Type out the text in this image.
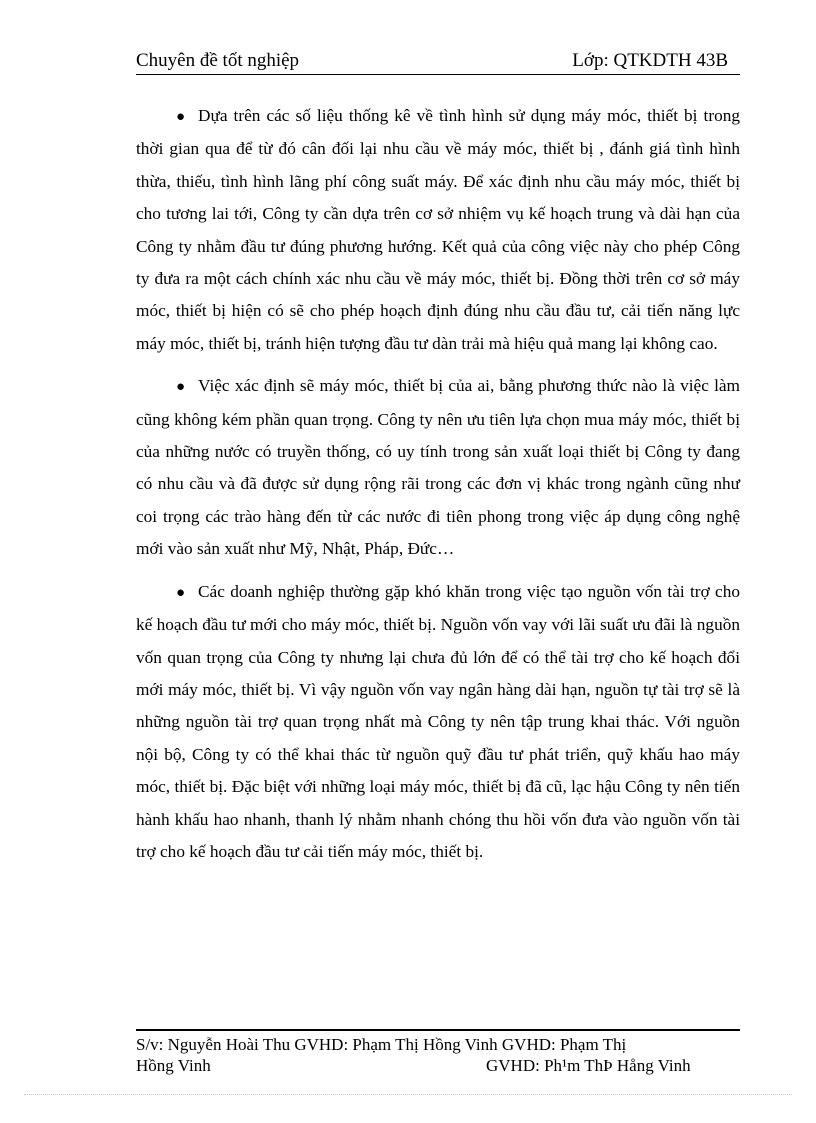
Chuyên đề tốt nghiệp	Lớp: QTKDTH 43B

● Dựa trên các số liệu thống kê về tình hình sử dụng máy móc, thiết bị trong thời gian qua để từ đó cân đối lại nhu cầu về máy móc, thiết bị , đánh giá tình hình thừa, thiếu, tình hình lãng phí công suất máy. Để xác định nhu cầu máy móc, thiết bị cho tương lai tới, Công ty cần dựa trên cơ sở nhiệm vụ kế hoạch trung và dài hạn của Công ty nhằm đầu tư đúng phương hướng. Kết quả của công việc này cho phép Công ty đưa ra một cách chính xác nhu cầu về máy móc, thiết bị. Đồng thời trên cơ sở máy móc, thiết bị hiện có sẽ cho phép hoạch định đúng nhu cầu đầu tư, cải tiến năng lực máy móc, thiết bị, tránh hiện tượng đầu tư dàn trải mà hiệu quả mang lại không cao.

● Việc xác định sẽ máy móc, thiết bị của ai, bằng phương thức nào là việc làm cũng không kém phần quan trọng. Công ty nên ưu tiên lựa chọn mua máy móc, thiết bị của những nước có truyền thống, có uy tính trong sản xuất loại thiết bị Công ty đang có nhu cầu và đã được sử dụng rộng rãi trong các đơn vị khác trong ngành cũng như coi trọng các trào hàng đến từ các nước đi tiên phong trong việc áp dụng công nghệ mới vào sản xuất như Mỹ, Nhật, Pháp, Đức…

● Các doanh nghiệp thường gặp khó khăn trong việc tạo nguồn vốn tài trợ cho kế hoạch đầu tư mới cho máy móc, thiết bị. Nguồn vốn vay với lãi suất ưu đãi là nguồn vốn quan trọng của Công ty nhưng lại chưa đủ lớn để có thể tài trợ cho kế hoạch đổi mới máy móc, thiết bị. Vì vậy nguồn vốn vay ngân hàng dài hạn, nguồn tự tài trợ sẽ là những nguồn tài trợ quan trọng nhất mà Công ty nên tập trung khai thác. Với nguồn nội bộ, Công ty có thể khai thác từ nguồn quỹ đầu tư phát triển, quỹ khấu hao máy móc, thiết bị. Đặc biệt với những loại máy móc, thiết bị đã cũ, lạc hậu Công ty nên tiến hành khấu hao nhanh, thanh lý nhằm nhanh chóng thu hồi vốn đưa vào nguồn vốn tài trợ cho kế hoạch đầu tư cải tiến máy móc, thiết bị.

S/v: Nguyễn Hoài Thu GVHD: Phạm Thị Hồng Vinh GVHD: Phạm Thị
Hồng Vinh	GVHD: Ph¹m ThÞ Hång Vinh
